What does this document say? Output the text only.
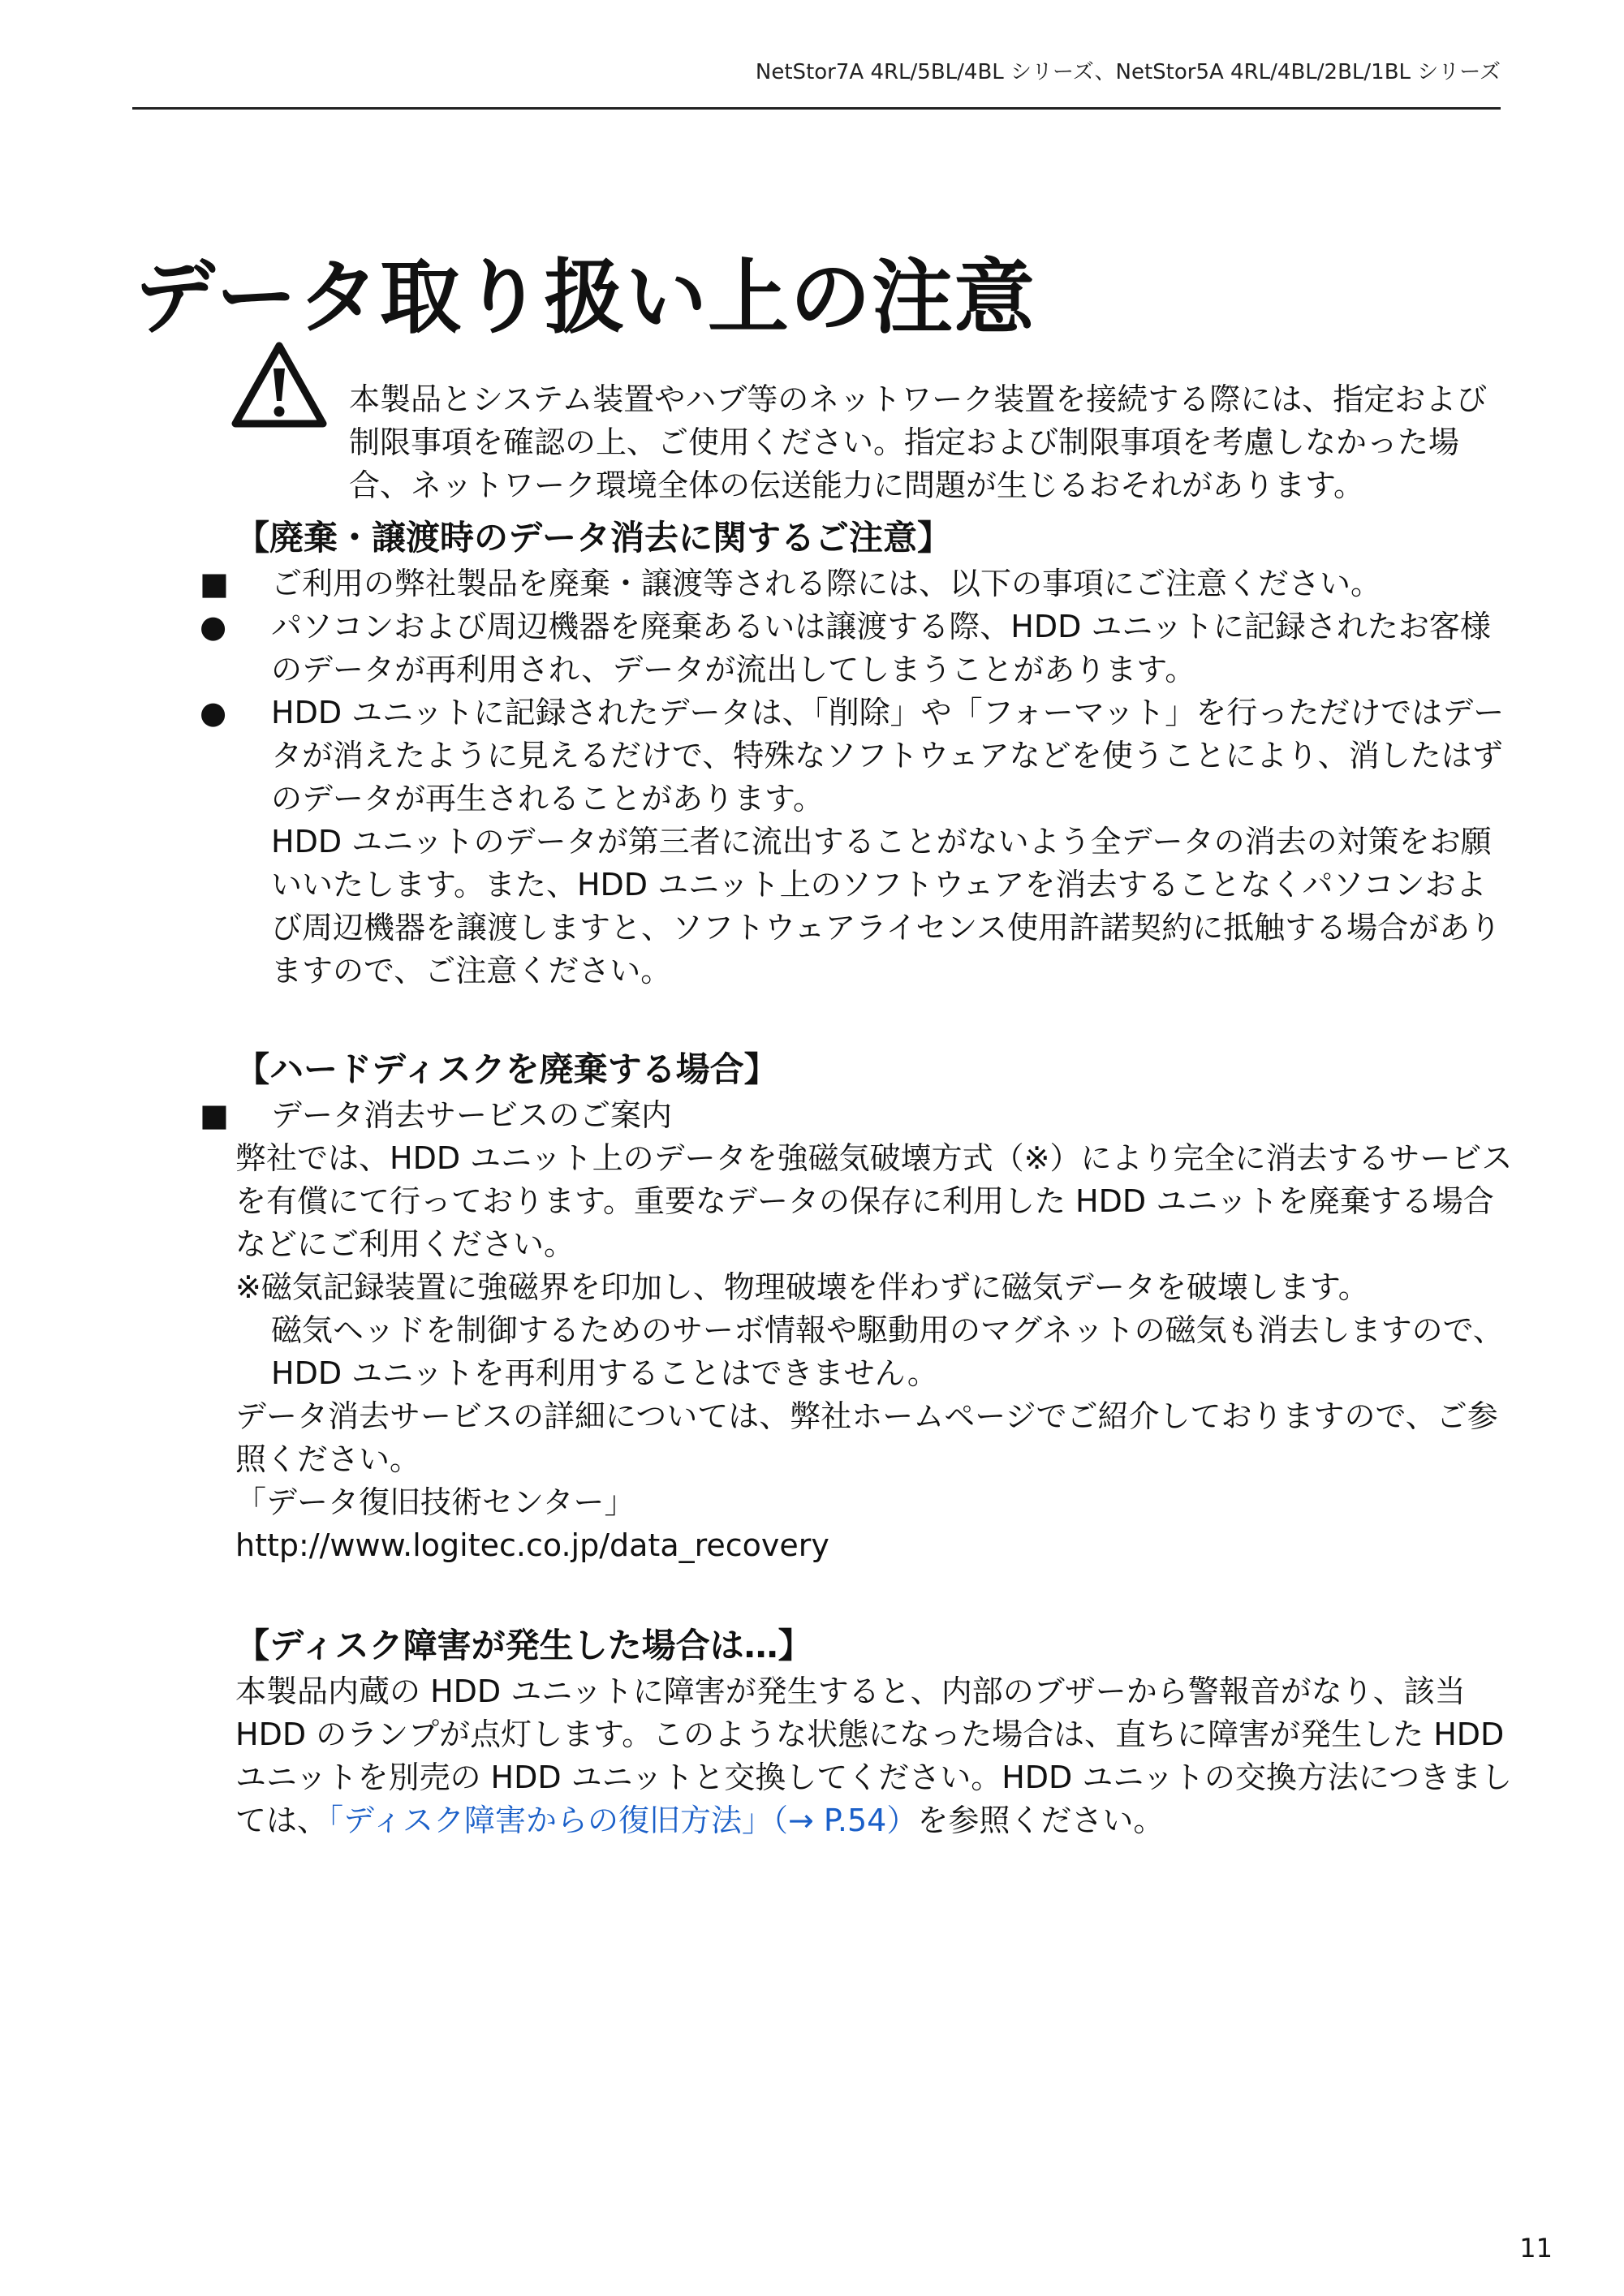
NetStor7A 4RL/5BL/4BL シリーズ、NetStor5A 4RL/4BL/2BL/1BL シリーズ
データ取り扱い上の注意

本製品とシステム装置やハブ等のネットワーク装置を接続する際には、指定および制限事項を確認の上、ご使用ください。指定および制限事項を考慮しなかった場合、ネットワーク環境全体の伝送能力に問題が生じるおそれがあります。

【廃棄・譲渡時のデータ消去に関するご注意】

■ ご利用の弊社製品を廃棄・譲渡等される際には、以下の事項にご注意ください。

● パソコンおよび周辺機器を廃棄あるいは譲渡する際、HDD ユニットに記録されたお客様のデータが再利用され、データが流出してしまうことがあります。

● HDD ユニットに記録されたデータは、「削除」や「フォーマット」を行っただけではデータが消えたように見えるだけで、特殊なソフトウェアなどを使うことにより、消したはずのデータが再生されることがあります。

HDD ユニットのデータが第三者に流出することがないよう全データの消去の対策をお願いいたします。また、HDD ユニット上のソフトウェアを消去することなくパソコンおよび周辺機器を譲渡しますと、ソフトウェアライセンス使用許諾契約に抵触する場合がありますので、ご注意ください。

【ハードディスクを廃棄する場合】

■ データ消去サービスのご案内

弊社では、HDD ユニット上のデータを強磁気破壊方式（※）により完全に消去するサービスを有償にて行っております。重要なデータの保存に利用した HDD ユニットを廃棄する場合などにご利用ください。

※磁気記録装置に強磁界を印加し、物理破壊を伴わずに磁気データを破壊します。

磁気ヘッドを制御するためのサーボ情報や駆動用のマグネットの磁気も消去しますので、HDD ユニットを再利用することはできません。

データ消去サービスの詳細については、弊社ホームページでご紹介しておりますので、ご参照ください。

「データ復旧技術センター」

http://www.logitec.co.jp/data_recovery

【ディスク障害が発生した場合は…】

本製品内蔵の HDD ユニットに障害が発生すると、内部のブザーから警報音がなり、該当 HDD のランプが点灯します。このような状態になった場合は、直ちに障害が発生した HDD ユニットを別売の HDD ユニットと交換してください。HDD ユニットの交換方法につきましては、「ディスク障害からの復旧方法」（→ P.54）を参照ください。

11
